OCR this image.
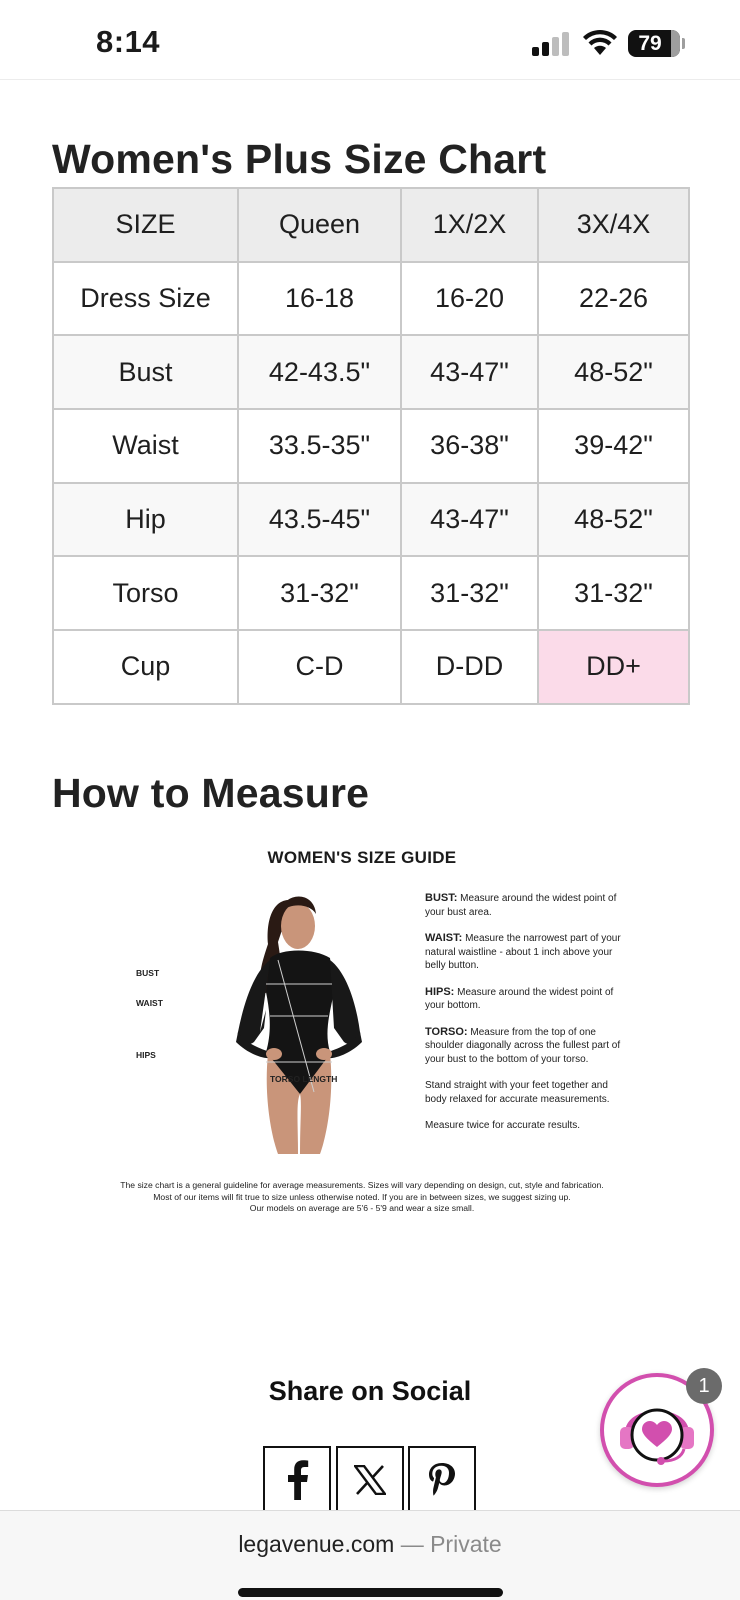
8:14	79
Women's Plus Size Chart
SIZE	Queen	1X/2X	3X/4X
Dress Size	16-18	16-20	22-26
Bust	42-43.5"	43-47"	48-52"
Waist	33.5-35"	36-38"	39-42"
Hip	43.5-45"	43-47"	48-52"
Torso	31-32"	31-32"	31-32"
Cup	C-D	D-DD	DD+
How to Measure
WOMEN'S SIZE GUIDE
BUST
WAIST
HIPS
TORSO LENGTH

BUST: Measure around the widest point of your bust area.

WAIST: Measure the narrowest part of your natural waistline - about 1 inch above your belly button.

HIPS: Measure around the widest point of your bottom.

TORSO: Measure from the top of one shoulder diagonally across the fullest part of your bust to the bottom of your torso.

Stand straight with your feet together and body relaxed for accurate measurements.

Measure twice for accurate results.

The size chart is a general guideline for average measurements. Sizes will vary depending on design, cut, style and fabrication.
Most of our items will fit true to size unless otherwise noted. If you are in between sizes, we suggest sizing up.
Our models on average are 5'6 - 5'9 and wear a size small.
Share on Social	1
legavenue.com — Private
